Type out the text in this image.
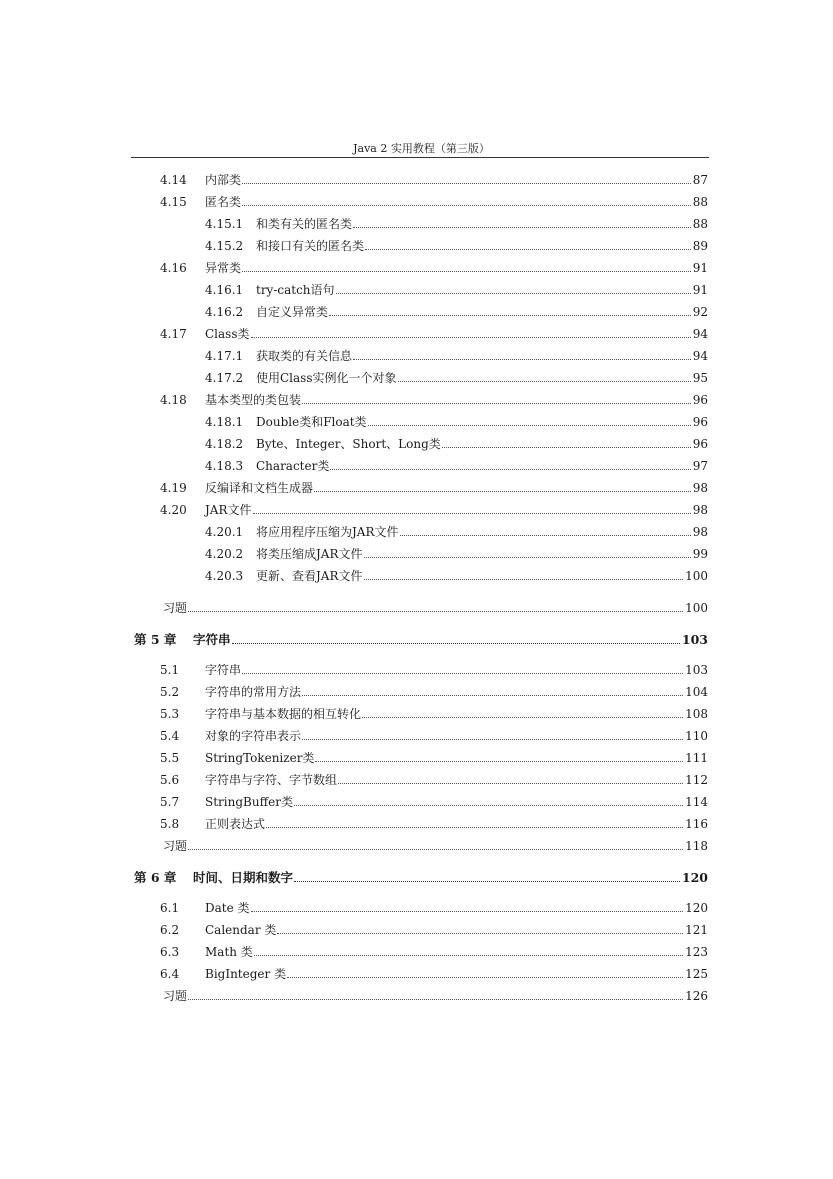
Java 2 实用教程（第三版）
4.14 内部类	87
4.15 匿名类	88
4.15.1 和类有关的匿名类	88
4.15.2 和接口有关的匿名类	89
4.16 异常类	91
4.16.1 try-catch语句	91
4.16.2 自定义异常类	92
4.17 Class类	94
4.17.1 获取类的有关信息	94
4.17.2 使用Class实例化一个对象	95
4.18 基本类型的类包装	96
4.18.1 Double类和Float类	96
4.18.2 Byte、Integer、Short、Long类	96
4.18.3 Character类	97
4.19 反编译和文档生成器	98
4.20 JAR文件	98
4.20.1 将应用程序压缩为JAR文件	98
4.20.2 将类压缩成JAR文件	99
4.20.3 更新、查看JAR文件	100
习题	100
第 5 章 字符串	103
5.1 字符串	103
5.2 字符串的常用方法	104
5.3 字符串与基本数据的相互转化	108
5.4 对象的字符串表示	110
5.5 StringTokenizer类	111
5.6 字符串与字符、字节数组	112
5.7 StringBuffer类	114
5.8 正则表达式	116
习题	118
第 6 章 时间、日期和数字	120
6.1 Date 类	120
6.2 Calendar 类	121
6.3 Math 类	123
6.4 BigInteger 类	125
习题	126
